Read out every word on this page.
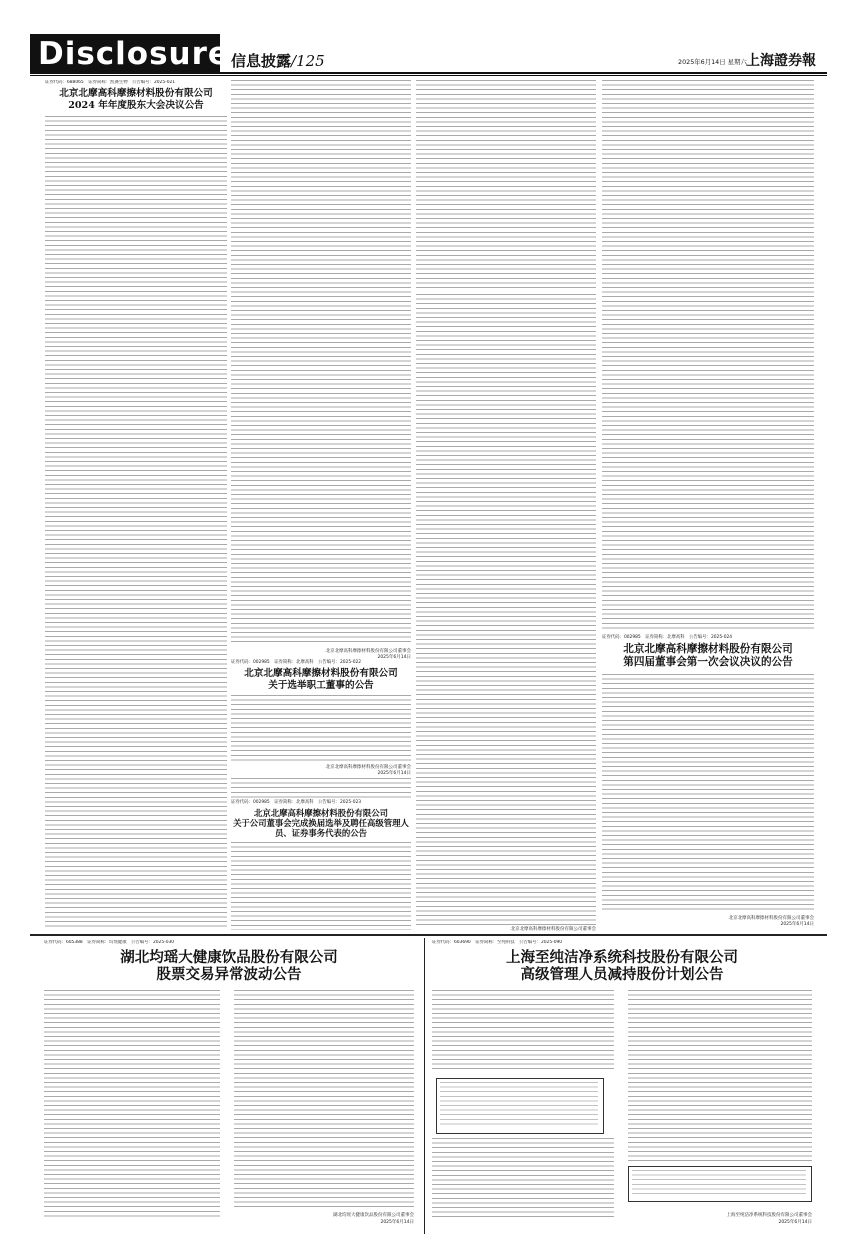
Disclosure 信息披露/125	2025年6月14日 星期六 上海證券報
证券代码：688065　证券简称：凯赛生物　公告编号：2025-021
北京北摩高科摩擦材料股份有限公司
2024 年年度股东大会决议公告
北京北摩高科摩擦材料股份有限公司董事会
2025年6月14日
证券代码：002985　证券简称：北摩高科　公告编号：2025-022
北京北摩高科摩擦材料股份有限公司
关于选举职工董事的公告
北京北摩高科摩擦材料股份有限公司董事会
2025年6月14日
证券代码：002985　证券简称：北摩高科　公告编号：2025-023
北京北摩高科摩擦材料股份有限公司
关于公司董事会完成换届选举及聘任高级管理人
员、证券事务代表的公告
北京北摩高科摩擦材料股份有限公司董事会
证券代码：002985　证券简称：北摩高科　公告编号：2025-024
北京北摩高科摩擦材料股份有限公司
第四届董事会第一次会议决议的公告
北京北摩高科摩擦材料股份有限公司董事会
2025年6月14日
证券代码：605388　证券简称：均瑶健康　公告编号：2025-030
湖北均瑶大健康饮品股份有限公司
股票交易异常波动公告
湖北均瑶大健康饮品股份有限公司董事会
2025年6月14日
证券代码：603690　证券简称：至纯科技　公告编号：2025-090
上海至纯洁净系统科技股份有限公司
高级管理人员减持股份计划公告
上海至纯洁净系统科技股份有限公司董事会
2025年6月14日
